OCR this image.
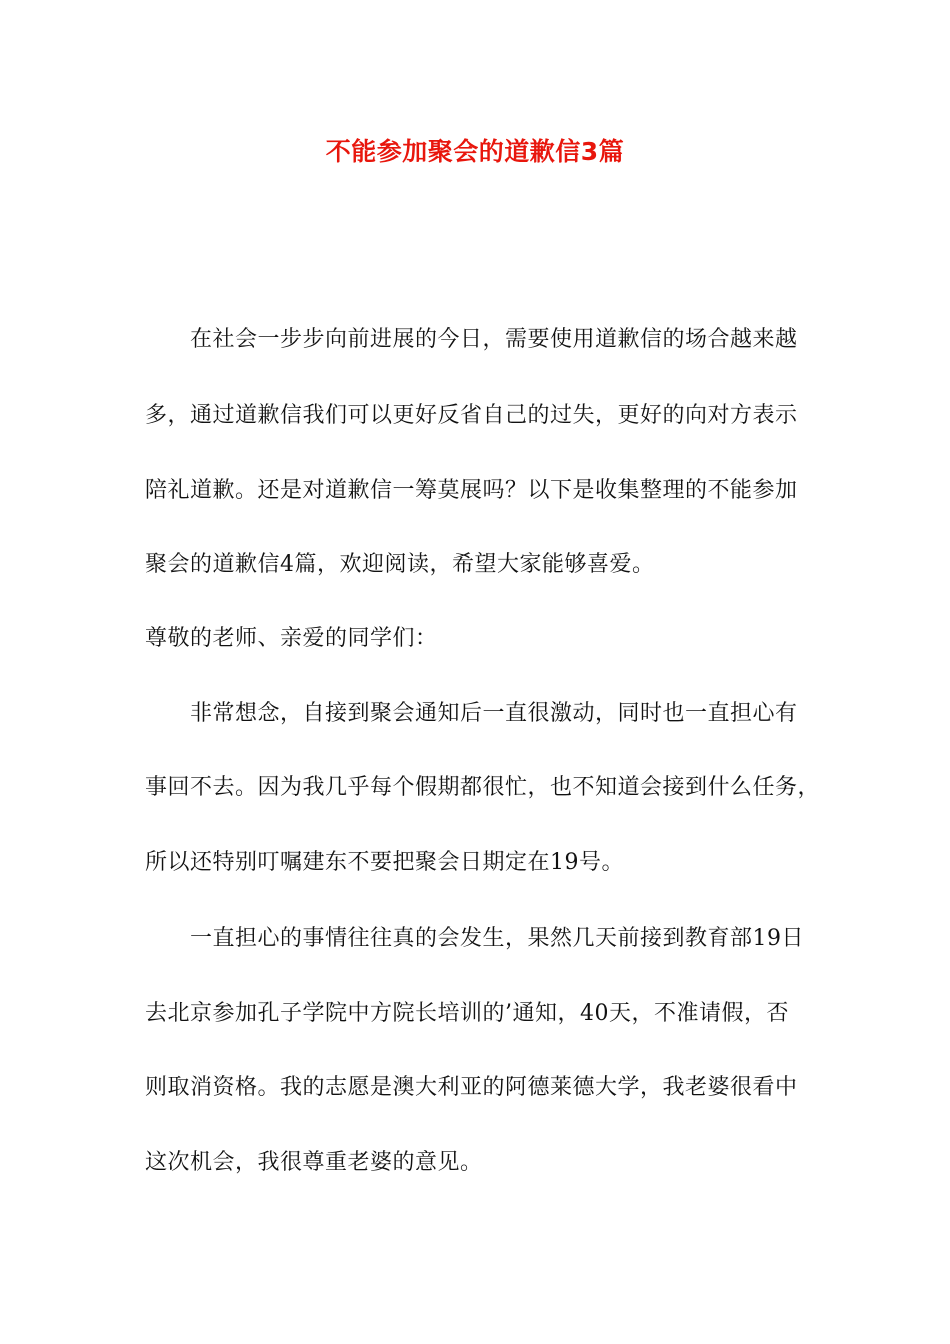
不能参加聚会的道歉信3篇
在社会一步步向前进展的今日，需要使用道歉信的场合越来越
多，通过道歉信我们可以更好反省自己的过失，更好的向对方表示
陪礼道歉。还是对道歉信一筹莫展吗？以下是收集整理的不能参加
聚会的道歉信4篇，欢迎阅读，希望大家能够喜爱。
尊敬的老师、亲爱的同学们：
非常想念，自接到聚会通知后一直很激动，同时也一直担心有
事回不去。因为我几乎每个假期都很忙，也不知道会接到什么任务，
所以还特别叮嘱建东不要把聚会日期定在19号。
一直担心的事情往往真的会发生，果然几天前接到教育部19日
去北京参加孔子学院中方院长培训的’通知，40天，不准请假，否
则取消资格。我的志愿是澳大利亚的阿德莱德大学，我老婆很看中
这次机会，我很尊重老婆的意见。
